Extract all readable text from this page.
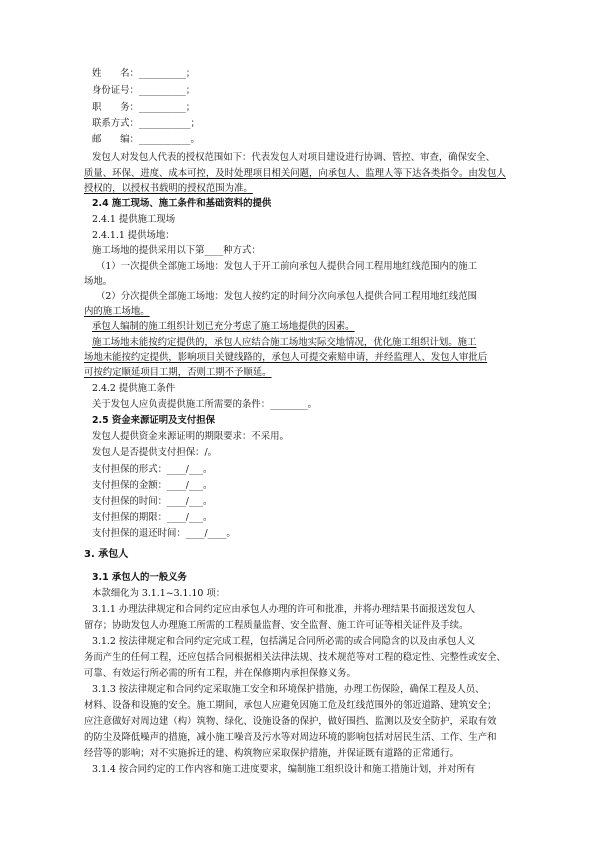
姓　　名：__________；
身份证号：__________；
职　　务：__________；
联系方式：___________；
邮　　编：___________。
发包人对发包人代表的授权范围如下：代表发包人对项目建设进行协调、管控、审查，确保安全、
质量、环保、进度、成本可控，及时处理项目相关问题，向承包人、监理人等下达各类指令。由发包人
授权的，以授权书载明的授权范围为准。
2.4 施工现场、施工条件和基础资料的提供
2.4.1 提供施工现场
2.4.1.1 提供场地：
施工场地的提供采用以下第____种方式：
（1）一次提供全部施工场地：发包人于开工前向承包人提供合同工程用地红线范围内的施工
场地。
（2）分次提供全部施工场地：发包人按约定的时间分次向承包人提供合同工程用地红线范围
内的施工场地。
承包人编制的施工组织计划已充分考虑了施工场地提供的因素。
施工场地未能按约定提供的，承包人应结合施工场地实际交地情况，优化施工组织计划。施工
场地未能按约定提供，影响项目关键线路的，承包人可提交索赔申请，并经监理人、发包人审批后
可按约定顺延项目工期，否则工期不予顺延。
2.4.2 提供施工条件
关于发包人应负责提供施工所需要的条件：________。
2.5 资金来源证明及支付担保
发包人提供资金来源证明的期限要求：不采用。
发包人是否提供支付担保：/。
支付担保的形式：____/___。
支付担保的金额：____/___。
支付担保的时间：____/___。
支付担保的期限：____/___。
支付担保的退还时间：____/____。
3. 承包人
3.1 承包人的一般义务
本款细化为 3.1.1~3.1.10 项：
3.1.1 办理法律规定和合同约定应由承包人办理的许可和批准，并将办理结果书面报送发包人
留存；协助发包人办理施工所需的工程质量监督、安全监督、施工许可证等相关证件及手续。
3.1.2 按法律规定和合同约定完成工程，包括满足合同所必需的或合同隐含的以及由承包人义
务而产生的任何工程，还应包括合同根据相关法律法规、技术规范等对工程的稳定性、完整性或安全、
可靠、有效运行所必需的所有工程，并在保修期内承担保修义务。
3.1.3 按法律规定和合同约定采取施工安全和环境保护措施，办理工伤保险，确保工程及人员、
材料、设备和设施的安全。施工期间，承包人应避免因施工危及红线范围外的邻近道路、建筑安全；
应注意做好对周边建（构）筑物、绿化、设施设备的保护，做好围挡、监测以及安全防护，采取有效
的防尘及降低噪声的措施，减小施工噪音及污水等对周边环境的影响包括对居民生活、工作、生产和
经营等的影响；对不实施拆迁的建、构筑物应采取保护措施，并保证既有道路的正常通行。
3.1.4 按合同约定的工作内容和施工进度要求，编制施工组织设计和施工措施计划，并对所有
